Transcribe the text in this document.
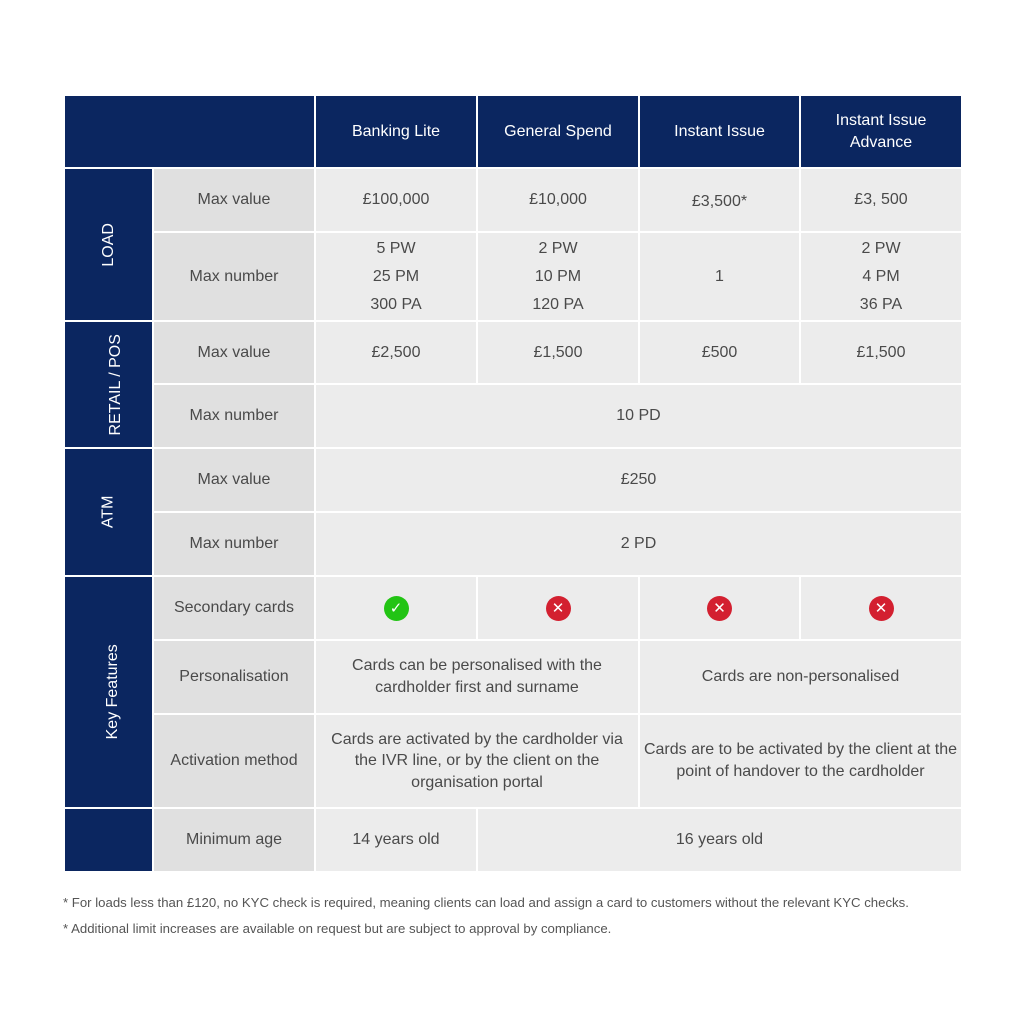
		Banking Lite	General Spend	Instant Issue	Instant Issue Advance

LOAD	Max value	£100,000	£10,000	£3,500*	£3, 500
	Max number	5 PW
25 PM
300 PA	2 PW
10 PM
120 PA	1	2 PW
4 PM
36 PA

RETAIL / POS	Max value	£2,500	£1,500	£500	£1,500
	Max number	10 PD			
ATM	Max value	£250			
	Max number	2 PD			
Key Features	Secondary cards	✓	✕	✕	✕
	Personalisation	Cards can be personalised with the cardholder first and surname		Cards are non-personalised	
	Activation method	Cards are activated by the cardholder via the IVR line, or by the client on the organisation portal		Cards are to be activated by the client at the point of handover to the cardholder	

	Minimum age	14 years old	16 years old		
* For loads less than £120, no KYC check is required, meaning clients can load and assign a card to customers without the relevant KYC checks.
* Additional limit increases are available on request but are subject to approval by compliance.
